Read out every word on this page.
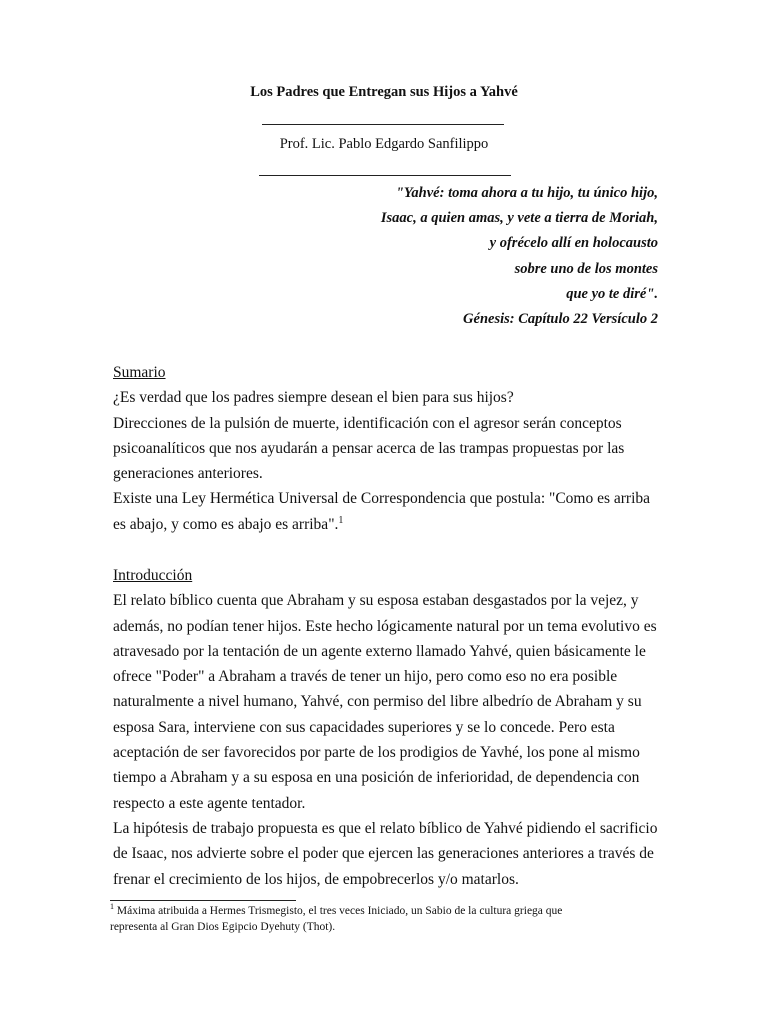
Los Padres que Entregan sus Hijos a Yahvé
Prof. Lic. Pablo Edgardo Sanfilippo
"Yahvé: toma ahora a tu hijo, tu único hijo,
Isaac, a quien amas, y vete a tierra de Moriah,
y ofrécelo allí en holocausto
sobre uno de los montes
que yo te diré".
Génesis: Capítulo 22 Versículo 2
Sumario
¿Es verdad que los padres siempre desean el bien para sus hijos?
Direcciones de la pulsión de muerte, identificación con el agresor serán conceptos
psicoanalíticos que nos ayudarán a pensar acerca de las trampas propuestas por las
generaciones anteriores.
Existe una Ley Hermética Universal de Correspondencia que postula: "Como es arriba
es abajo, y como es abajo es arriba".$^1$
Introducción
El relato bíblico cuenta que Abraham y su esposa estaban desgastados por la vejez, y
además, no podían tener hijos. Este hecho lógicamente natural por un tema evolutivo es
atravesado por la tentación de un agente externo llamado Yahvé, quien básicamente le
ofrece "Poder" a Abraham a través de tener un hijo, pero como eso no era posible
naturalmente a nivel humano, Yahvé, con permiso del libre albedrío de Abraham y su
esposa Sara, interviene con sus capacidades superiores y se lo concede. Pero esta
aceptación de ser favorecidos por parte de los prodigios de Yavhé, los pone al mismo
tiempo a Abraham y a su esposa en una posición de inferioridad, de dependencia con
respecto a este agente tentador.
La hipótesis de trabajo propuesta es que el relato bíblico de Yahvé pidiendo el sacrificio
de Isaac, nos advierte sobre el poder que ejercen las generaciones anteriores a través de
frenar el crecimiento de los hijos, de empobrecerlos y/o matarlos.
$^1$ Máxima atribuida a Hermes Trismegisto, el tres veces Iniciado, un Sabio de la cultura griega que
representa al Gran Dios Egipcio Dyehuty (Thot).
